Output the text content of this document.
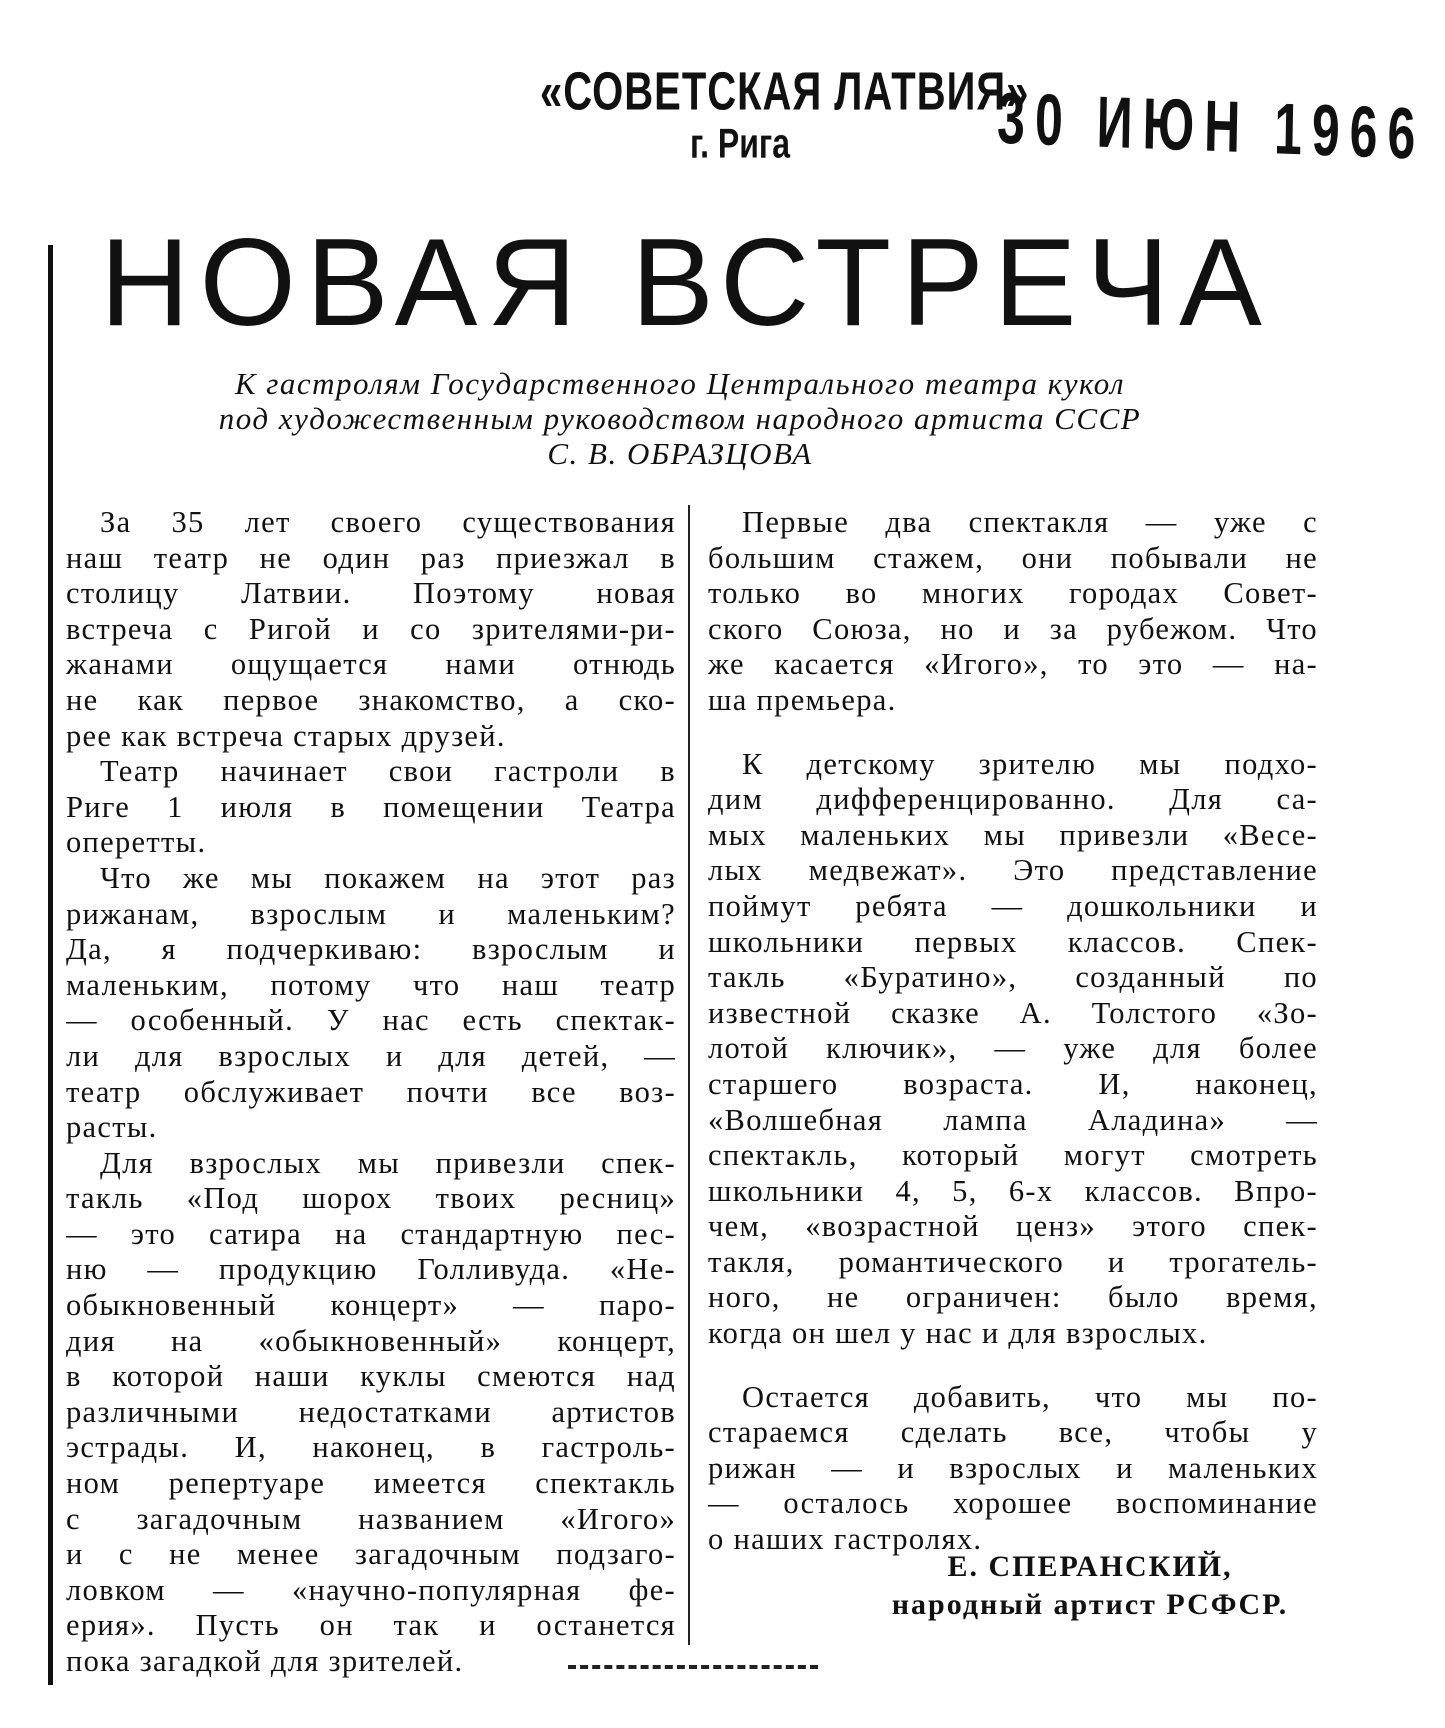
«СОВЕТСКАЯ ЛАТВИЯ»
г. Рига	30 ИЮН 1966
НОВАЯ ВСТРЕЧА
К гастролям Государственного Центрального театра кукол
под художественным руководством народного артиста СССР
С. В. ОБРАЗЦОВА

За 35 лет своего существования
наш театр не один раз приезжал в
столицу Латвии. Поэтому новая
встреча с Ригой и со зрителями-ри-
жанами ощущается нами отнюдь
не как первое знакомство, а ско-
рее как встреча старых друзей.

Театр начинает свои гастроли в
Риге 1 июля в помещении Театра
оперетты.

Что же мы покажем на этот раз
рижанам, взрослым и маленьким?
Да, я подчеркиваю: взрослым и
маленьким, потому что наш театр
— особенный. У нас есть спектак-
ли для взрослых и для детей, —
театр обслуживает почти все воз-
расты.

Для взрослых мы привезли спек-
такль «Под шорох твоих ресниц»
— это сатира на стандартную пес-
ню — продукцию Голливуда. «Не-
обыкновенный концерт» — паро-
дия на «обыкновенный» концерт,
в которой наши куклы смеются над
различными недостатками артистов
эстрады. И, наконец, в гастроль-
ном репертуаре имеется спектакль
с загадочным названием «Игого»
и с не менее загадочным подзаго-
ловком — «научно-популярная фе-
ерия». Пусть он так и останется
пока загадкой для зрителей.

Первые два спектакля — уже с
большим стажем, они побывали не
только во многих городах Совет-
ского Союза, но и за рубежом. Что
же касается «Игого», то это — на-
ша премьера.

К детскому зрителю мы подхо-
дим дифференцированно. Для са-
мых маленьких мы привезли «Весе-
лых медвежат». Это представление
поймут ребята — дошкольники и
школьники первых классов. Спек-
такль «Буратино», созданный по
известной сказке А. Толстого «Зо-
лотой ключик», — уже для более
старшего возраста. И, наконец,
«Волшебная лампа Аладина» —
спектакль, который могут смотреть
школьники 4, 5, 6-х классов. Впро-
чем, «возрастной ценз» этого спек-
такля, романтического и трогатель-
ного, не ограничен: было время,
когда он шел у нас и для взрослых.

Остается добавить, что мы по-
стараемся сделать все, чтобы у
рижан — и взрослых и маленьких
— осталось хорошее воспоминание
о наших гастролях.

Е. СПЕРАНСКИЙ,
народный артист РСФСР.
